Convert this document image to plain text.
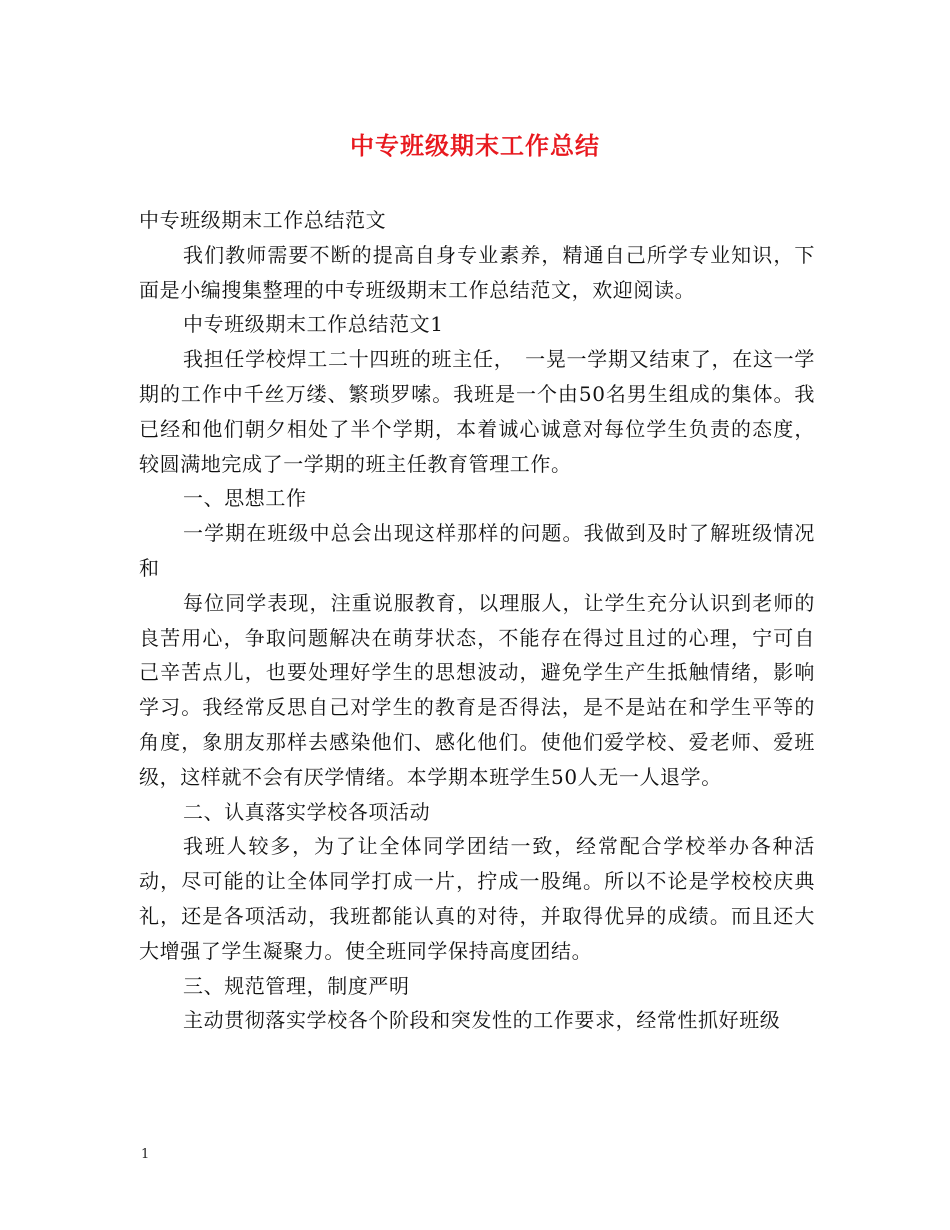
中专班级期末工作总结

中专班级期末工作总结范文

我们教师需要不断的提高自身专业素养，精通自己所学专业知识，下面是小编搜集整理的中专班级期末工作总结范文，欢迎阅读。

中专班级期末工作总结范文1

我担任学校焊工二十四班的班主任，　一晃一学期又结束了，在这一学期的工作中千丝万缕、繁琐罗嗦。我班是一个由50名男生组成的集体。我已经和他们朝夕相处了半个学期，本着诚心诚意对每位学生负责的态度，较圆满地完成了一学期的班主任教育管理工作。

一、思想工作

一学期在班级中总会出现这样那样的问题。我做到及时了解班级情况和

每位同学表现，注重说服教育，以理服人，让学生充分认识到老师的良苦用心，争取问题解决在萌芽状态，不能存在得过且过的心理，宁可自己辛苦点儿，也要处理好学生的思想波动，避免学生产生抵触情绪，影响学习。我经常反思自己对学生的教育是否得法，是不是站在和学生平等的角度，象朋友那样去感染他们、感化他们。使他们爱学校、爱老师、爱班级，这样就不会有厌学情绪。本学期本班学生50人无一人退学。

二、认真落实学校各项活动

我班人较多，为了让全体同学团结一致，经常配合学校举办各种活动，尽可能的让全体同学打成一片，拧成一股绳。所以不论是学校校庆典礼，还是各项活动，我班都能认真的对待，并取得优异的成绩。而且还大大增强了学生凝聚力。使全班同学保持高度团结。

三、规范管理，制度严明

主动贯彻落实学校各个阶段和突发性的工作要求，经常性抓好班级

1
